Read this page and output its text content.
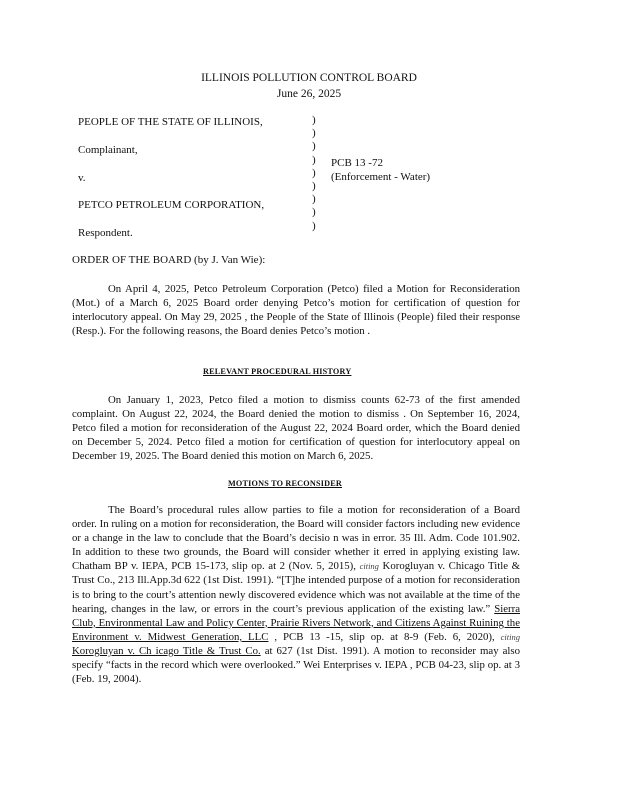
ILLINOIS POLLUTION CONTROL BOARD
June 26, 2025
PEOPLE OF THE STATE OF ILLINOIS,
Complainant,
v.
PETCO PETROLEUM CORPORATION,
Respondent.
)
)
)
)
)
)
)
)
)
PCB 13 -72
(Enforcement - Water)
ORDER OF THE BOARD (by J. Van Wie):

On April 4, 2025, Petco Petroleum Corporation (Petco) filed a Motion for Reconsideration (Mot.) of a March 6, 2025 Board order denying Petco’s motion for certification of question for interlocutory appeal. On May 29, 2025 , the People of the State of Illinois (People) filed their response (Resp.). For the following reasons, the Board denies Petco’s motion .

RELEVANT PROCEDURAL HISTORY

On January 1, 2023, Petco filed a motion to dismiss counts 62-73 of the first amended complaint. On August 22, 2024, the Board denied the motion to dismiss . On September 16, 2024, Petco filed a motion for reconsideration of the August 22, 2024 Board order, which the Board denied on December 5, 2024. Petco filed a motion for certification of question for interlocutory appeal on December 19, 2025. The Board denied this motion on March 6, 2025.

MOTIONS TO RECONSIDER

The Board’s procedural rules allow parties to file a motion for reconsideration of a Board order. In ruling on a motion for reconsideration, the Board will consider factors including new evidence or a change in the law to conclude that the Board’s decisio n was in error. 35 Ill. Adm. Code 101.902. In addition to these two grounds, the Board will consider whether it erred in applying existing law. Chatham BP v. IEPA, PCB 15-173, slip op. at 2 (Nov. 5, 2015), citing Korogluyan v. Chicago Title & Trust Co., 213 Ill.App.3d 622 (1st Dist. 1991). “[T]he intended purpose of a motion for reconsideration is to bring to the court’s attention newly discovered evidence which was not available at the time of the hearing, changes in the law, or errors in the court’s previous application of the existing law.” Sierra Club, Environmental Law and Policy Center, Prairie Rivers Network, and Citizens Against Ruining the Environment v. Midwest Generation, LLC , PCB 13 -15, slip op. at 8-9 (Feb. 6, 2020), citing Korogluyan v. Ch icago Title & Trust Co. at 627 (1st Dist. 1991). A motion to reconsider may also specify “facts in the record which were overlooked.” Wei Enterprises v. IEPA , PCB 04-23, slip op. at 3 (Feb. 19, 2004).
